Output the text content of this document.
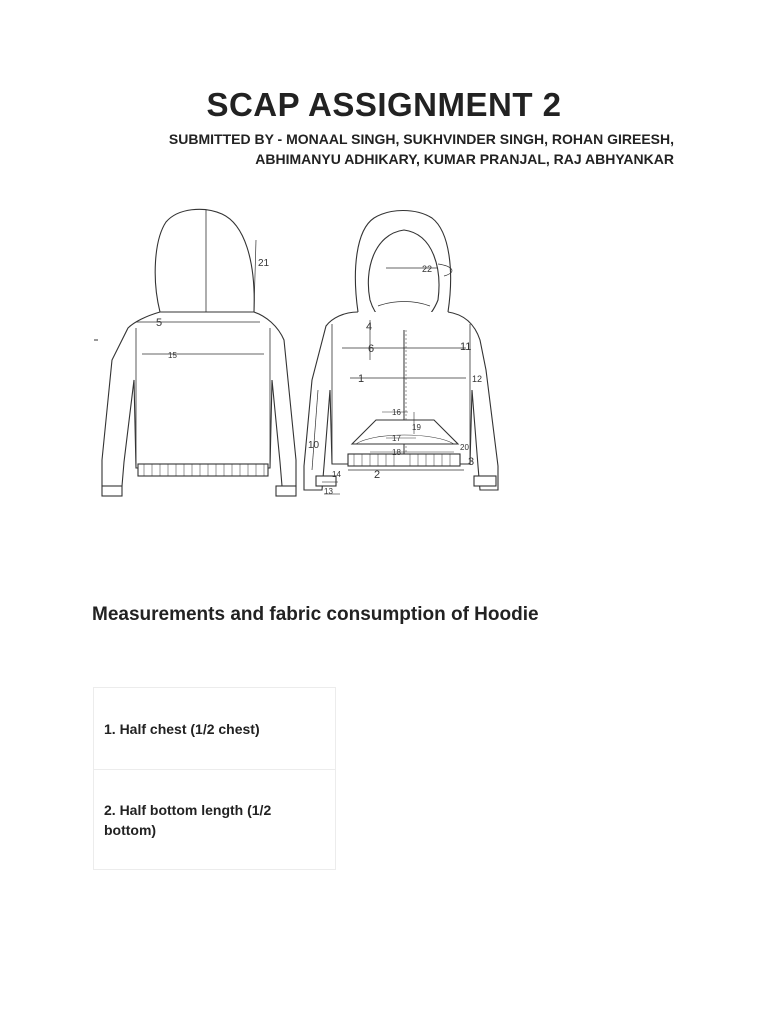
SCAP ASSIGNMENT 2
SUBMITTED BY - MONAAL SINGH, SUKHVINDER SINGH, ROHAN GIREESH,
ABHIMANYU ADHIKARY, KUMAR PRANJAL, RAJ ABHYANKAR
21
5
15
22
4
6	11
1	12
16
19
17
18
10	20
3
14	2
13
Measurements and fabric consumption of Hoodie
1. Half chest (1/2 chest)
2. Half bottom length (1/2 bottom)
